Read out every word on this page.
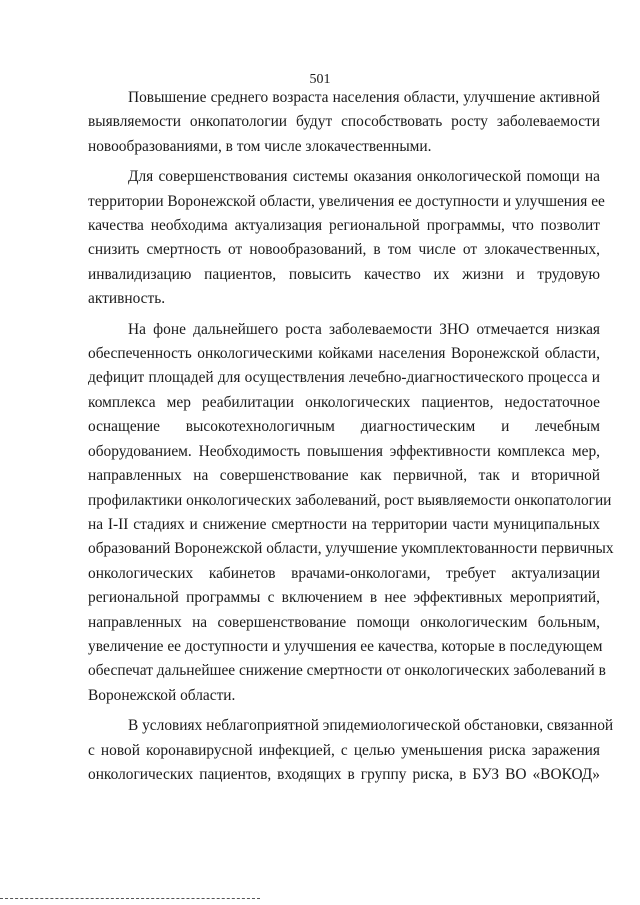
501

Повышение среднего возраста населения области, улучшение активной
выявляемости онкопатологии будут способствовать росту заболеваемости
новообразованиями, в том числе злокачественными.

Для совершенствования системы оказания онкологической помощи на
территории Воронежской области, увеличения ее доступности и улучшения ее
качества необходима актуализация региональной программы, что позволит
снизить смертность от новообразований, в том числе от злокачественных,
инвалидизацию пациентов, повысить качество их жизни и трудовую
активность.

На фоне дальнейшего роста заболеваемости ЗНО отмечается низкая
обеспеченность онкологическими койками населения Воронежской области,
дефицит площадей для осуществления лечебно-диагностического процесса и
комплекса мер реабилитации онкологических пациентов, недостаточное
оснащение высокотехнологичным диагностическим и лечебным
оборудованием. Необходимость повышения эффективности комплекса мер,
направленных на совершенствование как первичной, так и вторичной
профилактики онкологических заболеваний, рост выявляемости онкопатологии
на I-II стадиях и снижение смертности на территории части муниципальных
образований Воронежской области, улучшение укомплектованности первичных
онкологических кабинетов врачами-онкологами, требует актуализации
региональной программы с включением в нее эффективных мероприятий,
направленных на совершенствование помощи онкологическим больным,
увеличение ее доступности и улучшения ее качества, которые в последующем
обеспечат дальнейшее снижение смертности от онкологических заболеваний в
Воронежской области.

В условиях неблагоприятной эпидемиологической обстановки, связанной
с новой коронавирусной инфекцией, с целью уменьшения риска заражения
онкологических пациентов, входящих в группу риска, в БУЗ ВО «ВОКОД»
